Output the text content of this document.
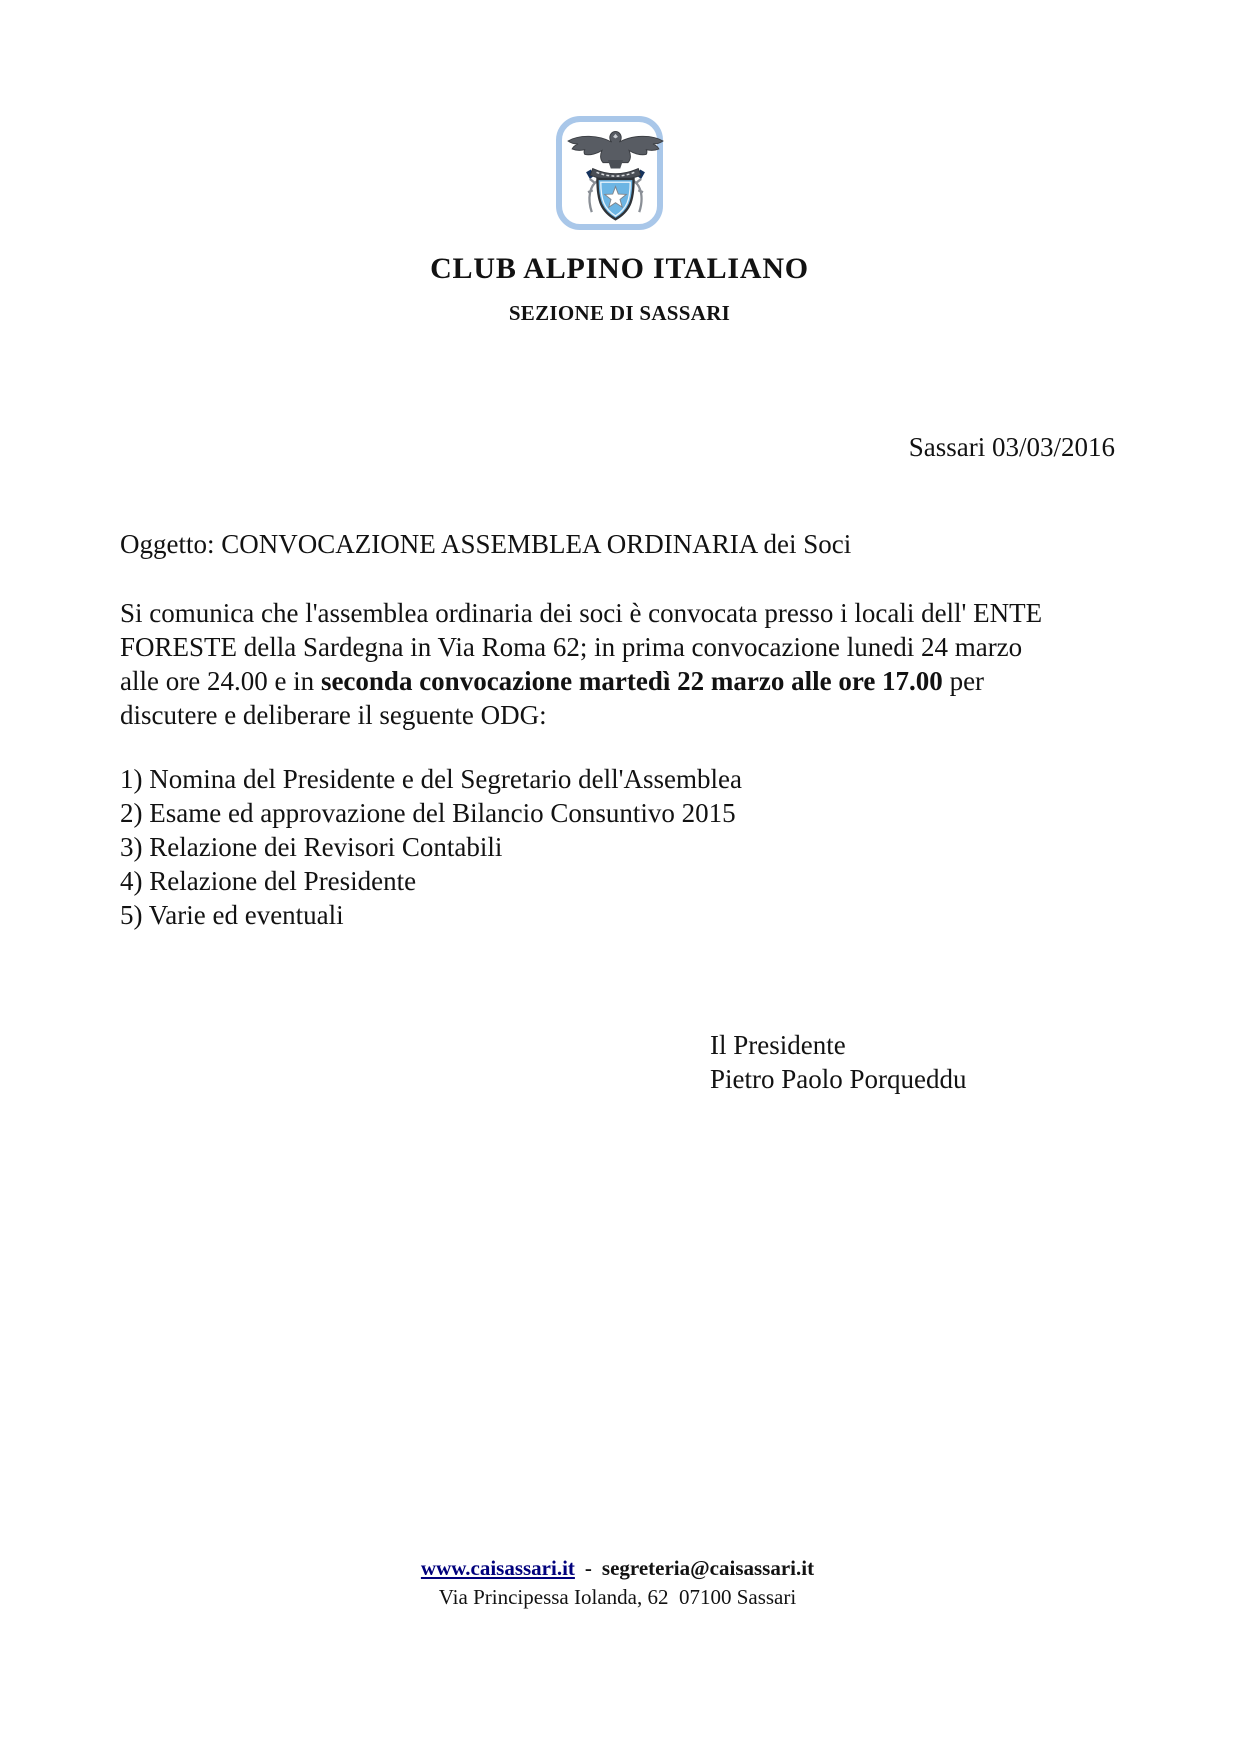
CLUB ALPINO ITALIANO
SEZIONE DI SASSARI
Sassari 03/03/2016
Oggetto: CONVOCAZIONE ASSEMBLEA ORDINARIA dei Soci
Si comunica che l'assemblea ordinaria dei soci è convocata presso i locali dell' ENTE
FORESTE della Sardegna in Via Roma 62; in prima convocazione lunedi 24 marzo
alle ore 24.00 e in seconda convocazione martedì 22 marzo alle ore 17.00 per
discutere e deliberare il seguente ODG:
1) Nomina del Presidente e del Segretario dell'Assemblea
2) Esame ed approvazione del Bilancio Consuntivo 2015
3) Relazione dei Revisori Contabili
4) Relazione del Presidente
5) Varie ed eventuali
Il Presidente
Pietro Paolo Porqueddu
www.caisassari.it - segreteria@caisassari.it
Via Principessa Iolanda, 62  07100 Sassari
